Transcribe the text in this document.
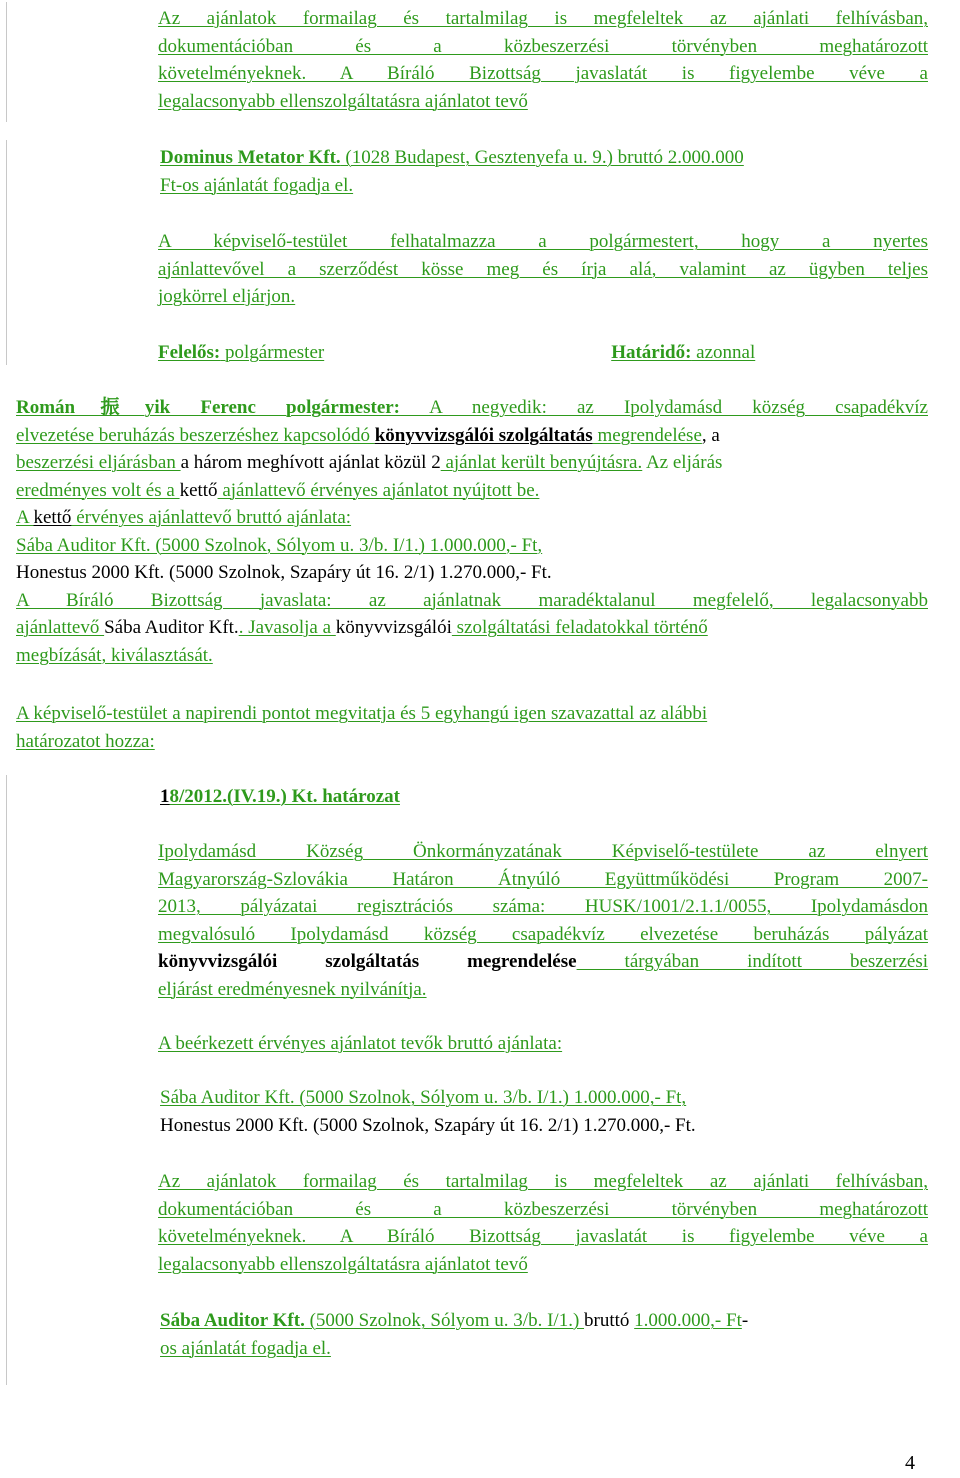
Az ajánlatok formailag és tartalmilag is megfeleltek az ajánlati felhívásban,

dokumentációban és a közbeszerzési törvényben meghatározott

követelményeknek. A Bíráló Bizottság javaslatát is figyelembe véve a

legalacsonyabb ellenszolgáltatásra ajánlatot tevő

Dominus Metator Kft. (1028 Budapest, Gesztenyefa u. 9.) bruttó 2.000.000

Ft-os ajánlatát fogadja el.

A képviselő-testület felhatalmazza a polgármestert, hogy a nyertes

ajánlattevővel a szerződést kösse meg és írja alá, valamint az ügyben teljes

jogkörrel eljárjon.

Felelős: polgármester	Határidő: azonnal

Román振yik Ferenc polgármester: A negyedik: az Ipolydamásd község csapadékvíz

elvezetése beruházás beszerzéshez kapcsolódó könyvvizsgálói szolgáltatás megrendelése, a

beszerzési eljárásban a három meghívott ajánlat közül 2 ajánlat került benyújtásra. Az eljárás

eredményes volt és a kettő ajánlattevő érvényes ajánlatot nyújtott be.

A kettő érvényes ajánlattevő bruttó ajánlata:

Sába Auditor Kft. (5000 Szolnok, Sólyom u. 3/b. I/1.) 1.000.000,- Ft,

Honestus 2000 Kft. (5000 Szolnok, Szapáry út 16. 2/1) 1.270.000,- Ft.

A Bíráló Bizottság javaslata: az ajánlatnak maradéktalanul megfelelő, legalacsonyabb

ajánlattevő Sába Auditor Kft.. Javasolja a könyvvizsgálói szolgáltatási feladatokkal történő

megbízását, kiválasztását.

A képviselő-testület a napirendi pontot megvitatja és 5 egyhangú igen szavazattal az alábbi

határozatot hozza:

18/2012.(IV.19.) Kt. határozat

Ipolydamásd Község Önkormányzatának Képviselő-testülete az elnyert

Magyarország-Szlovákia Határon Átnyúló Együttműködési Program 2007-

2013, pályázatai regisztrációs száma: HUSK/1001/2.1.1/0055, Ipolydamásdon

megvalósuló Ipolydamásd község csapadékvíz elvezetése beruházás pályázat

könyvvizsgálói szolgáltatás megrendelése tárgyában indított beszerzési

eljárást eredményesnek nyilvánítja.

A beérkezett érvényes ajánlatot tevők bruttó ajánlata:

Sába Auditor Kft. (5000 Szolnok, Sólyom u. 3/b. I/1.) 1.000.000,- Ft,

Honestus 2000 Kft. (5000 Szolnok, Szapáry út 16. 2/1) 1.270.000,- Ft.

Az ajánlatok formailag és tartalmilag is megfeleltek az ajánlati felhívásban,

dokumentációban és a közbeszerzési törvényben meghatározott

követelményeknek. A Bíráló Bizottság javaslatát is figyelembe véve a

legalacsonyabb ellenszolgáltatásra ajánlatot tevő

Sába Auditor Kft. (5000 Szolnok, Sólyom u. 3/b. I/1.) bruttó 1.000.000,- Ft-

os ajánlatát fogadja el.

4
